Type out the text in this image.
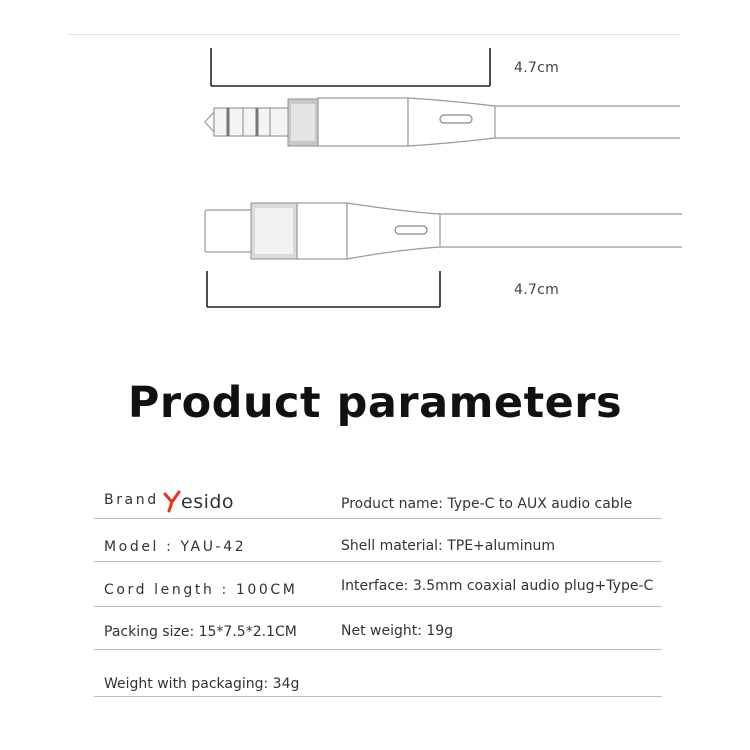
4.7cm
4.7cm
Product parameters
Brand esido	Product name: Type-C to AUX audio cable
Model : YAU-42	Shell material: TPE+aluminum
Cord length : 100CM	Interface: 3.5mm coaxial audio plug+Type-C
Packing size: 15*7.5*2.1CM	Net weight: 19g
Weight with packaging: 34g
